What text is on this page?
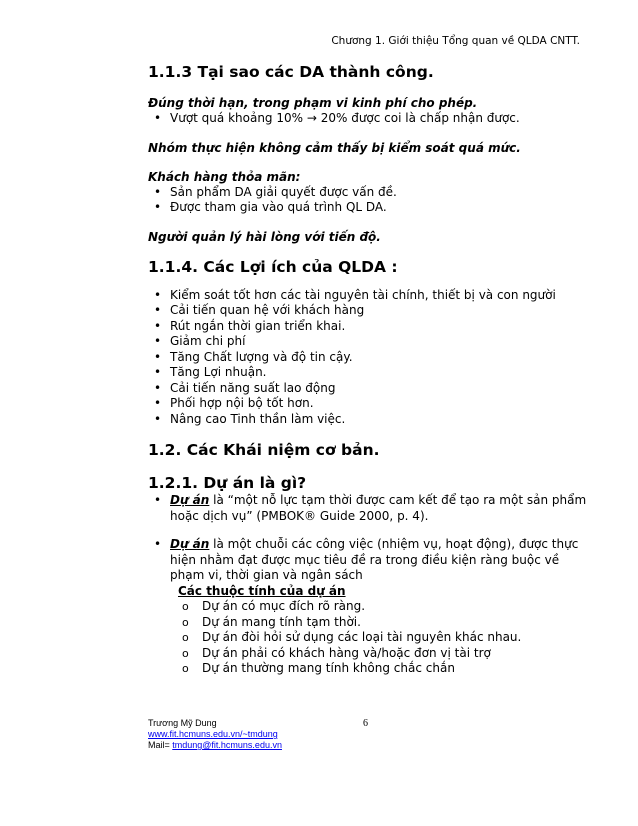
Chương 1. Giới thiệu Tổng quan về QLDA CNTT.
1.1.3 Tại sao các DA thành công.

Đúng thời hạn, trong phạm vi kinh phí cho phép.

• Vượt quá khoảng 10% → 20% được coi là chấp nhận được.

Nhóm thực hiện không cảm thấy bị kiểm soát quá mức.

Khách hàng thỏa mãn:

• Sản phẩm DA giải quyết được vấn đề.
• Được tham gia vào quá trình QL DA.

Người quản lý hài lòng với tiến độ.

1.1.4. Các Lợi ích của QLDA :
• Kiểm soát tốt hơn các tài nguyên tài chính, thiết bị và con người
• Cải tiến quan hệ với khách hàng
• Rút ngắn thời gian triển khai.
• Giảm chi phí
• Tăng Chất lượng và độ tin cậy.
• Tăng Lợi nhuận.
• Cải tiến năng suất lao động
• Phối hợp nội bộ tốt hơn.
• Nâng cao Tinh thần làm việc.
1.2. Các Khái niệm cơ bản.
1.2.1. Dự án là gì?
• Dự án là “một nỗ lực tạm thời được cam kết để tạo ra một sản phẩm hoặc dịch vụ” (PMBOK® Guide 2000, p. 4).
• Dự án là một chuỗi các công việc (nhiệm vụ, hoạt động), được thực hiện nhằm đạt được mục tiêu đề ra trong điều kiện ràng buộc về phạm vi, thời gian và ngân sách
Các thuộc tính của dự án
o Dự án có mục đích rõ ràng.
o Dự án mang tính tạm thời.
o Dự án đòi hỏi sử dụng các loại tài nguyên khác nhau.
o Dự án phải có khách hàng và/hoặc đơn vị tài trợ
o Dự án thường mang tính không chắc chắn
Trương Mỹ Dung
www.fit.hcmuns.edu.vn/~tmdung
Mail= tmdung@fit.hcmuns.edu.vn
6
